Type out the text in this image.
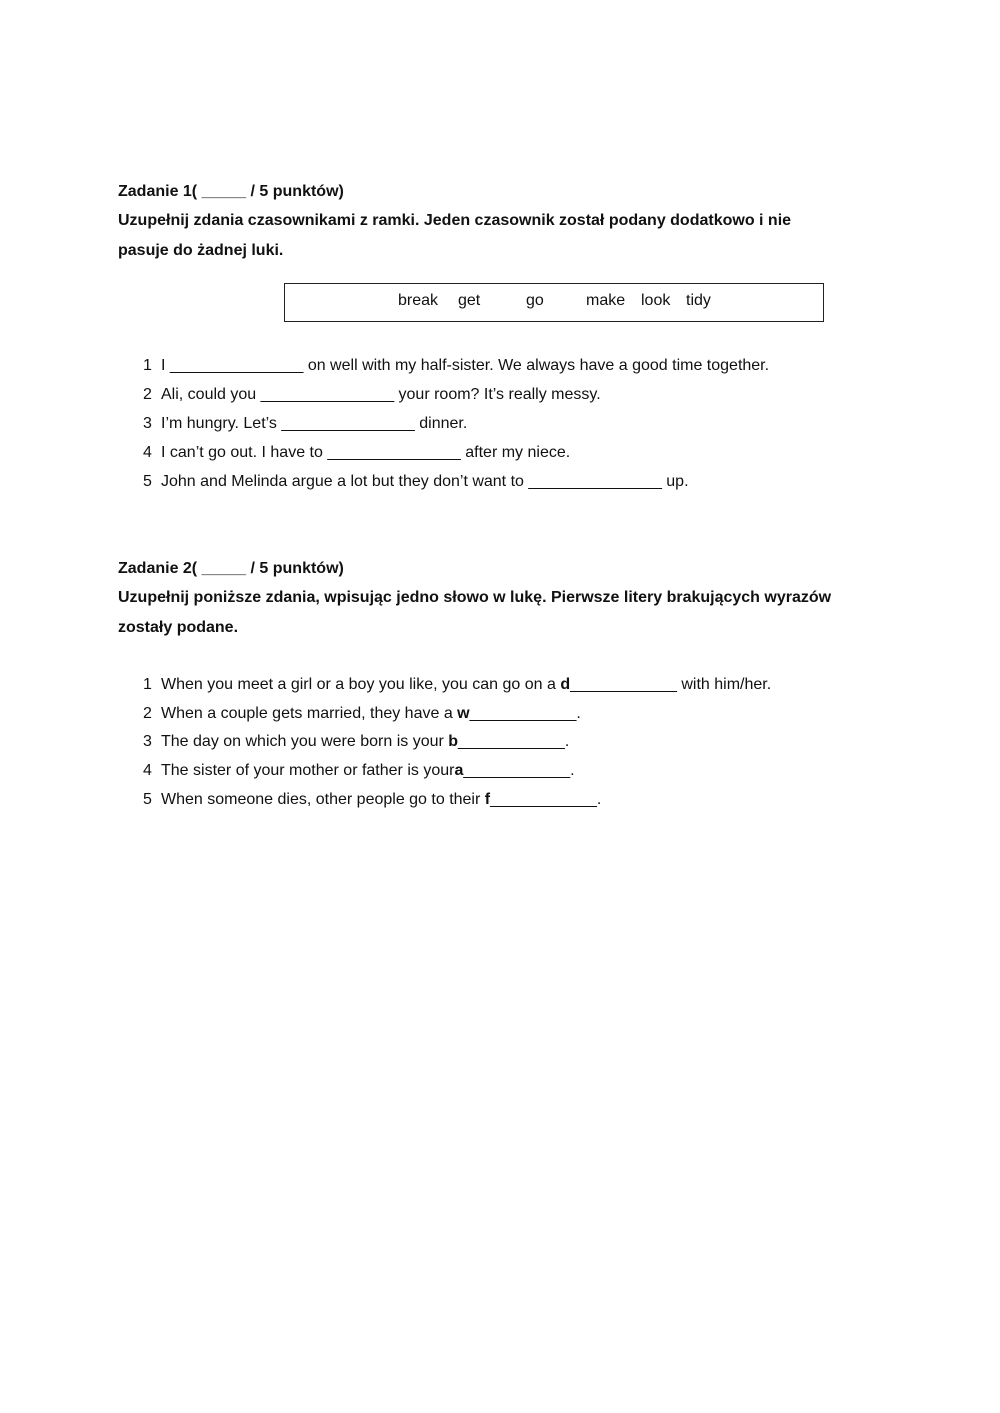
Zadanie 1( _____ / 5 punktów)
Uzupełnij zdania czasownikami z ramki. Jeden czasownik został podany dodatkowo i nie
pasuje do żadnej luki.
break get	go	make look tidy
1 I _______________ on well with my half-sister. We always have a good time together.
2 Ali, could you _______________ your room? It’s really messy.
3 I’m hungry. Let’s _______________ dinner.
4 I can’t go out. I have to _______________ after my niece.
5 John and Melinda argue a lot but they don’t want to _______________ up.
Zadanie 2( _____ / 5 punktów)
Uzupełnij poniższe zdania, wpisując jedno słowo w lukę. Pierwsze litery brakujących wyrazów
zostały podane.
1 When you meet a girl or a boy you like, you can go on a d____________ with him/her.
2 When a couple gets married, they have a w____________.
3 The day on which you were born is your b____________.
4 The sister of your mother or father is youra____________.
5 When someone dies, other people go to their f____________.
